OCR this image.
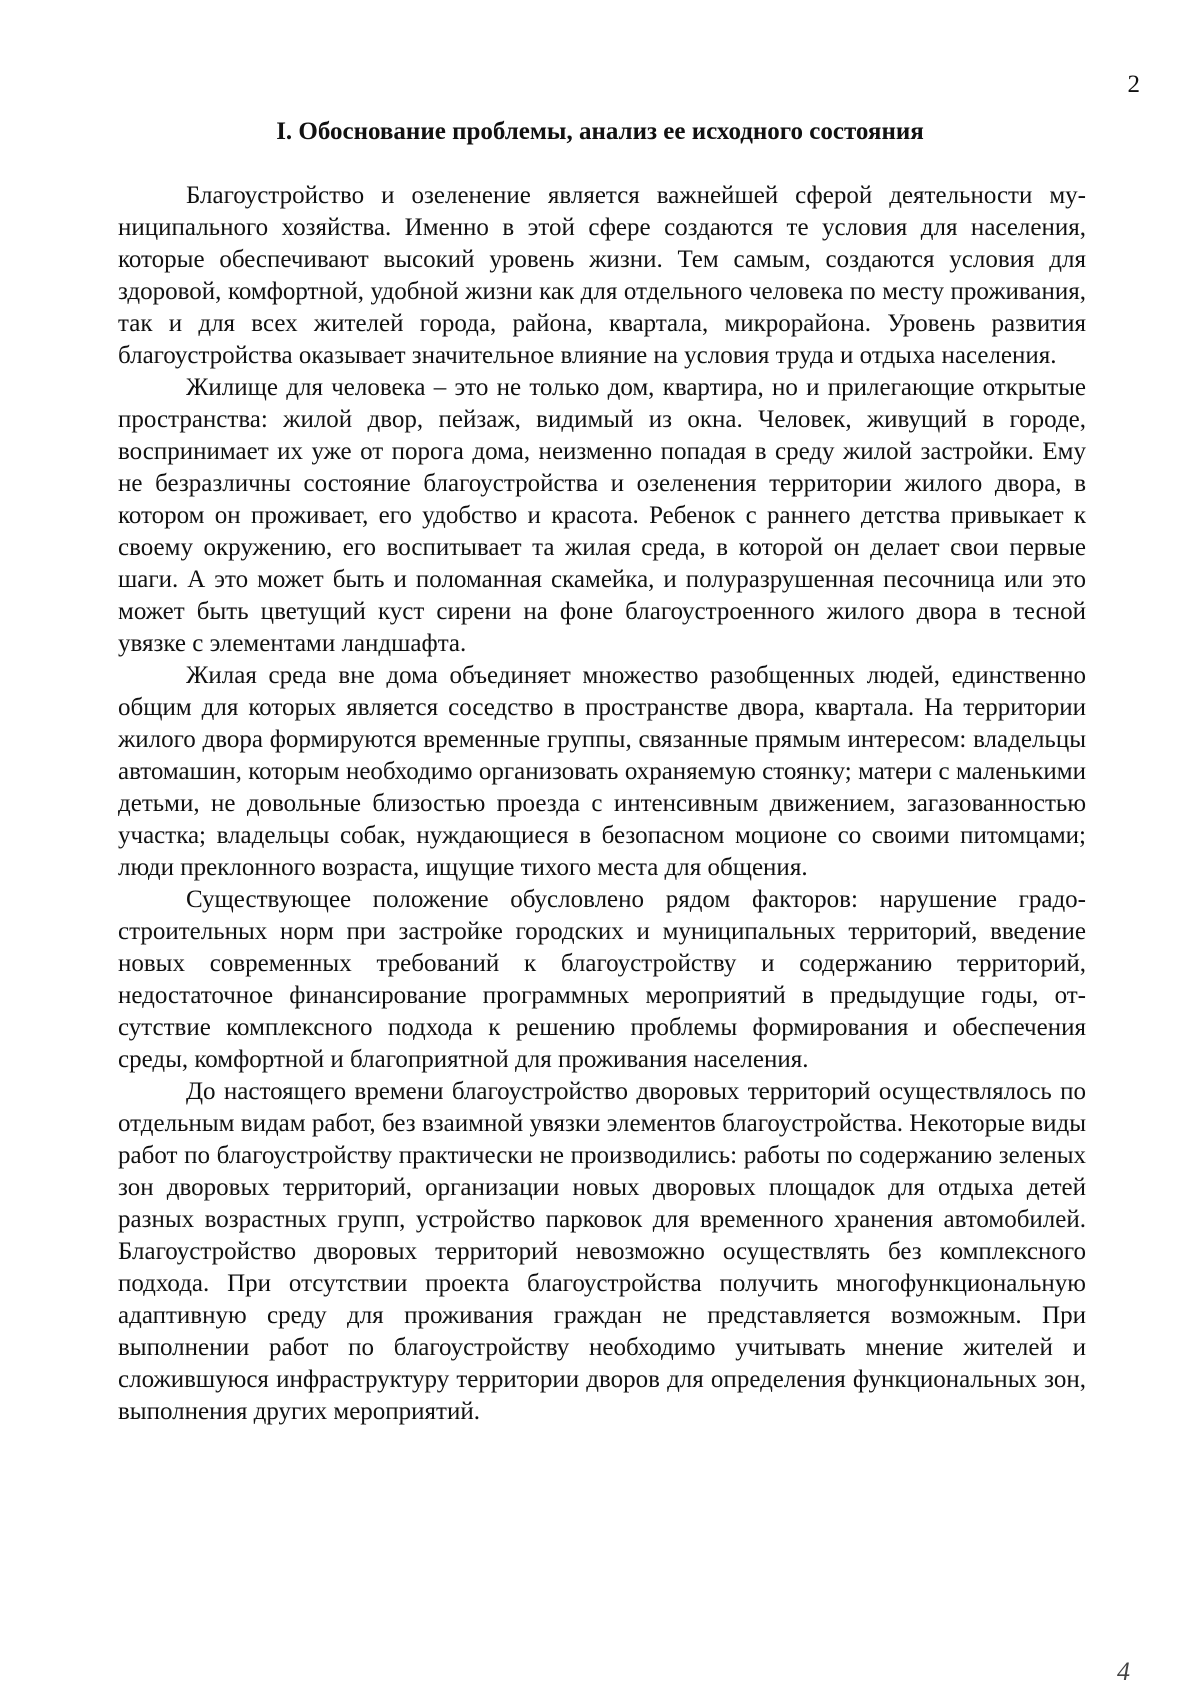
2
I. Обоснование проблемы, анализ ее исходного состояния

Благоустройство и озеленение является важнейшей сферой деятельности муниципального хозяйства. Именно в этой сфере создаются те условия для населения, которые обеспечивают высокий уровень жизни. Тем самым, создаются условия для здоровой, комфортной, удобной жизни как для отдельного человека по месту проживания, так и для всех жителей города, района, квартала, микрорайона. Уровень развития благоустройства оказывает значительное влияние на условия труда и отдыха населения.

Жилище для человека – это не только дом, квартира, но и прилегающие открытые пространства: жилой двор, пейзаж, видимый из окна. Человек, живущий в городе, воспринимает их уже от порога дома, неизменно попадая в среду жилой застройки. Ему не безразличны состояние благоустройства и озеленения территории жилого двора, в котором он проживает, его удобство и красота. Ребенок с раннего детства привыкает к своему окружению, его воспитывает та жилая среда, в которой он делает свои первые шаги. А это может быть и поломанная скамейка, и полуразрушенная песочница или это может быть цветущий куст сирени на фоне благоустроенного жилого двора в тесной увязке с элементами ландшафта.

Жилая среда вне дома объединяет множество разобщенных людей, единственно общим для которых является соседство в пространстве двора, квартала. На территории жилого двора формируются временные группы, связанные прямым интересом: владельцы автомашин, которым необходимо организовать охраняемую стоянку; матери с маленькими детьми, не довольные близостью проезда с интенсивным движением, загазованностью участка; владельцы собак, нуждающиеся в безопасном моционе со своими питомцами; люди преклонного возраста, ищущие тихого места для общения.

Существующее положение обусловлено рядом факторов: нарушение градостроительных норм при застройке городских и муниципальных территорий, введение новых современных требований к благоустройству и содержанию территорий, недостаточное финансирование программных мероприятий в предыдущие годы, отсутствие комплексного подхода к решению проблемы формирования и обеспечения среды, комфортной и благоприятной для проживания населения.

До настоящего времени благоустройство дворовых территорий осуществлялось по отдельным видам работ, без взаимной увязки элементов благоустройства. Некоторые виды работ по благоустройству практически не производились: работы по содержанию зеленых зон дворовых территорий, организации новых дворовых площадок для отдыха детей разных возрастных групп, устройство парковок для временного хранения автомобилей. Благоустройство дворовых территорий невозможно осуществлять без комплексного подхода. При отсутствии проекта благоустройства получить многофункциональную адаптивную среду для проживания граждан не представляется возможным. При выполнении работ по благоустройству необходимо учитывать мнение жителей и сложившуюся инфраструктуру территории дворов для определения функциональных зон, выполнения других мероприятий.

4
